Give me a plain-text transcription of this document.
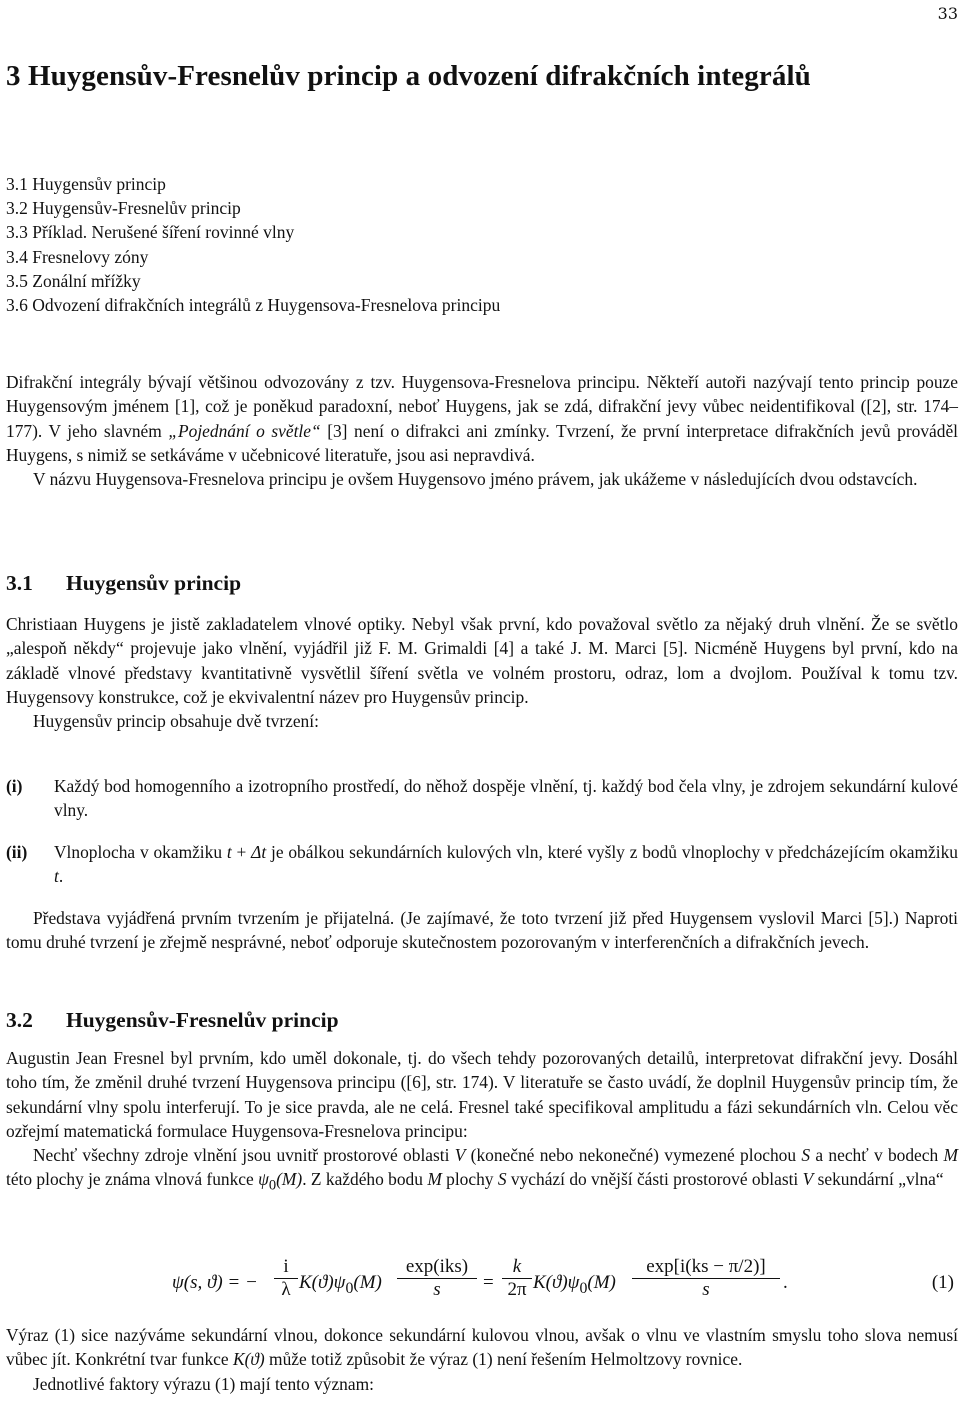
33
3 Huygensův-Fresnelův princip a odvození difrakčních integrálů
3.1 Huygensův princip
3.2 Huygensův-Fresnelův princip
3.3 Příklad. Nerušené šíření rovinné vlny
3.4 Fresnelovy zóny
3.5 Zonální mřížky
3.6 Odvození difrakčních integrálů z Huygensova-Fresnelova principu

Difrakční integrály bývají většinou odvozovány z tzv. Huygensova-Fresnelova principu. Někteří autoři nazývají tento princip pouze Huygensovým jménem [1], což je poněkud paradoxní, neboť Huygens, jak se zdá, difrakční jevy vůbec neidentifikoval ([2], str. 174–177). V jeho slavném „Pojednání o světle“ [3] není o difrakci ani zmínky. Tvrzení, že první interpretace difrakčních jevů prováděl Huygens, s nimiž se setkáváme v učebnicové literatuře, jsou asi nepravdivá.

V názvu Huygensova-Fresnelova principu je ovšem Huygensovo jméno právem, jak ukážeme v následujících dvou odstavcích.

3.1 Huygensův princip

Christiaan Huygens je jistě zakladatelem vlnové optiky. Nebyl však první, kdo považoval světlo za nějaký druh vlnění. Že se světlo „alespoň někdy“ projevuje jako vlnění, vyjádřil již F. M. Grimaldi [4] a také J. M. Marci [5]. Nicméně Huygens byl první, kdo na základě vlnové představy kvantitativně vysvětlil šíření světla ve volném prostoru, odraz, lom a dvojlom. Používal k tomu tzv. Huygensovy konstrukce, což je ekvivalentní název pro Huygensův princip.

Huygensův princip obsahuje dvě tvrzení:

(i) Každý bod homogenního a izotropního prostředí, do něhož dospěje vlnění, tj. každý bod čela vlny, je zdrojem sekundární kulové vlny.
(ii) Vlnoplocha v okamžiku t + Δt je obálkou sekundárních kulových vln, které vyšly z bodů vlnoplochy v předcházejícím okamžiku t.

Představa vyjádřená prvním tvrzením je přijatelná. (Je zajímavé, že toto tvrzení již před Huygensem vyslovil Marci [5].) Naproti tomu druhé tvrzení je zřejmě nesprávné, neboť odporuje skutečnostem pozorovaným v interferenčních a difrakčních jevech.

3.2 Huygensův-Fresnelův princip

Augustin Jean Fresnel byl prvním, kdo uměl dokonale, tj. do všech tehdy pozorovaných detailů, interpretovat difrakční jevy. Dosáhl toho tím, že změnil druhé tvrzení Huygensova principu ([6], str. 174). V literatuře se často uvádí, že doplnil Huygensův princip tím, že sekundární vlny spolu interferují. To je sice pravda, ale ne celá. Fresnel také specifikoval amplitudu a fázi sekundárních vln. Celou věc ozřejmí matematická formulace Huygensova-Fresnelova principu:

Nechť všechny zdroje vlnění jsou uvnitř prostorové oblasti V (konečné nebo nekonečné) vymezené plochou S a nechť v bodech M této plochy je známa vlnová funkce $\psi_0(M)$. Z každého bodu M plochy S vychází do vnější části prostorové oblasti V sekundární „vlna“

ψ(s, ϑ) = −
i
λ $K(ϑ)\psi_0(M)$
exp(iks)
s	=
k
2π $K(ϑ)\psi_0(M)$
exp[i(ks − π/2)]
s	.	(1)

Výraz (1) sice nazýváme sekundární vlnou, dokonce sekundární kulovou vlnou, avšak o vlnu ve vlastním smyslu toho slova nemusí vůbec jít. Konkrétní tvar funkce K(ϑ) může totiž způsobit že výraz (1) není řešením Helmoltzovy rovnice.

Jednotlivé faktory výrazu (1) mají tento význam:
